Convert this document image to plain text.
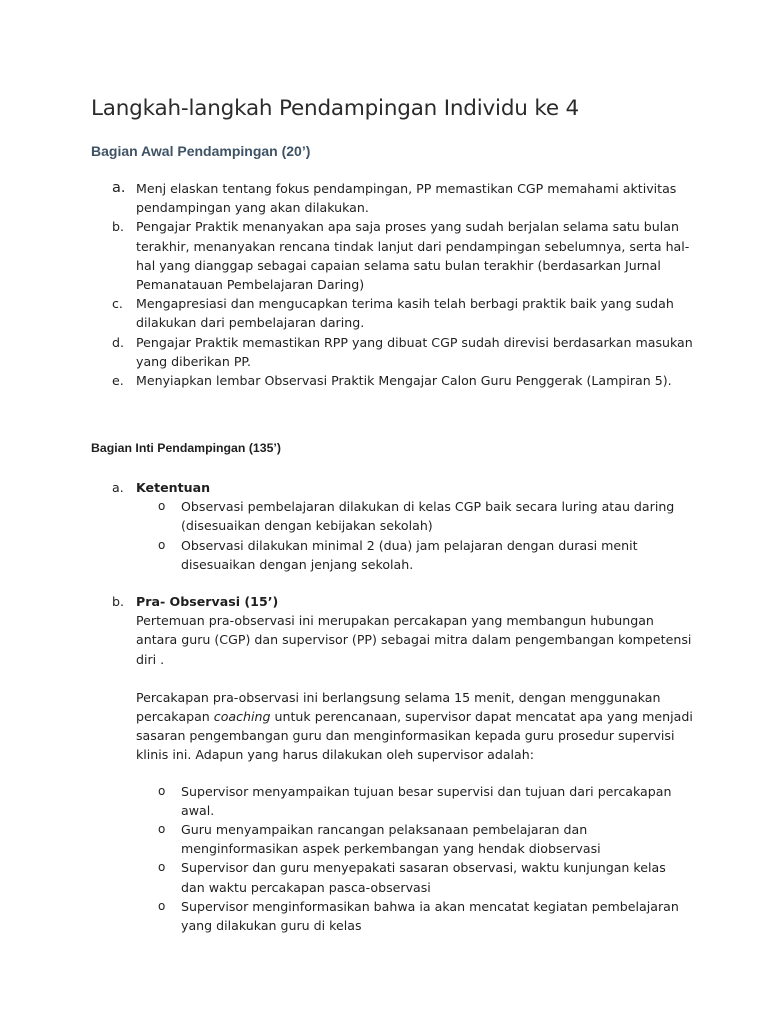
Langkah-langkah Pendampingan Individu ke 4
Bagian Awal Pendampingan (20’)
a. Menj elaskan tentang fokus pendampingan, PP memastikan CGP memahami aktivitas pendampingan yang akan dilakukan.
b. Pengajar Praktik menanyakan apa saja proses yang sudah berjalan selama satu bulan terakhir, menanyakan rencana tindak lanjut dari pendampingan sebelumnya, serta hal-hal yang dianggap sebagai capaian selama satu bulan terakhir (berdasarkan Jurnal Pemanatauan Pembelajaran Daring)
c. Mengapresiasi dan mengucapkan terima kasih telah berbagi praktik baik yang sudah dilakukan dari pembelajaran daring.
d. Pengajar Praktik memastikan RPP yang dibuat CGP sudah direvisi berdasarkan masukan yang diberikan PP.
e. Menyiapkan lembar Observasi Praktik Mengajar Calon Guru Penggerak (Lampiran 5).
Bagian Inti Pendampingan (135’)
a. Ketentuan
o Observasi pembelajaran dilakukan di kelas CGP baik secara luring atau daring (disesuaikan dengan kebijakan sekolah)
o Observasi dilakukan minimal 2 (dua) jam pelajaran dengan durasi menit disesuaikan dengan jenjang sekolah.
b. Pra- Observasi (15’)

Pertemuan pra-observasi ini merupakan percakapan yang membangun hubungan antara guru (CGP) dan supervisor (PP) sebagai mitra dalam pengembangan kompetensi diri .

Percakapan pra-observasi ini berlangsung selama 15 menit, dengan menggunakan percakapan coaching untuk perencanaan, supervisor dapat mencatat apa yang menjadi sasaran pengembangan guru dan menginformasikan kepada guru prosedur supervisi klinis ini. Adapun yang harus dilakukan oleh supervisor adalah:

o Supervisor menyampaikan tujuan besar supervisi dan tujuan dari percakapan awal.
o Guru menyampaikan rancangan pelaksanaan pembelajaran dan menginformasikan aspek perkembangan yang hendak diobservasi
o Supervisor dan guru menyepakati sasaran observasi, waktu kunjungan kelas dan waktu percakapan pasca-observasi
o Supervisor menginformasikan bahwa ia akan mencatat kegiatan pembelajaran yang dilakukan guru di kelas
